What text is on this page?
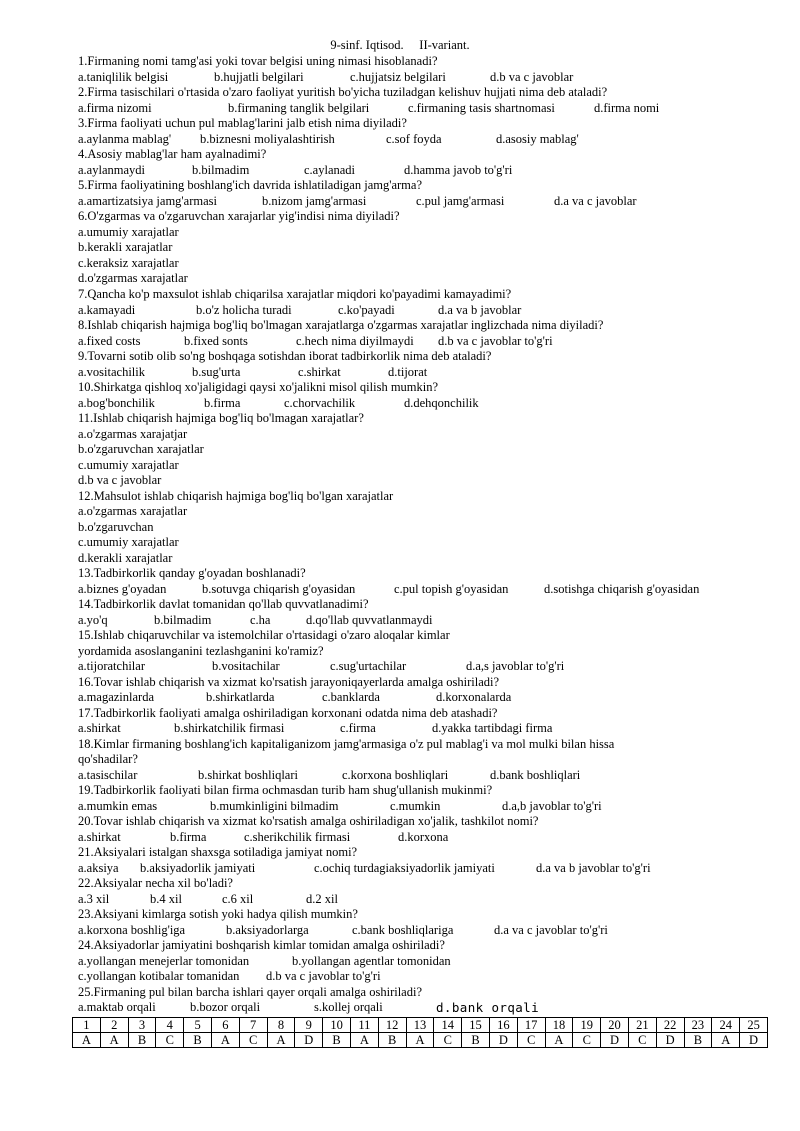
9-sinf. Iqtisod.     II-variant.
1.Firmaning nomi tamg'asi yoki tovar belgisi uning nimasi hisoblanadi?
a.taniqlilik belgisi	b.hujjatli belgilari	c.hujjatsiz belgilari	d.b va c javoblar
2.Firma tasischilari o'rtasida o'zaro faoliyat yuritish bo'yicha tuziladgan kelishuv hujjati nima deb ataladi?
a.firma nizomi	b.firmaning tanglik belgilari	c.firmaning tasis shartnomasi	d.firma nomi
3.Firma faoliyati uchun pul mablag'larini jalb etish nima diyiladi?
a.aylanma mablag' b.biznesni moliyalashtirish	c.sof foyda	d.asosiy mablag'
4.Asosiy mablag'lar ham ayalnadimi?
a.aylanmaydi	b.bilmadim	c.aylanadi	d.hamma javob to'g'ri
5.Firma faoliyatining boshlang'ich davrida ishlatiladigan jamg'arma?
a.amartizatsiya jamg'armasi	b.nizom jamg'armasi	c.pul jamg'armasi	d.a va c javoblar
6.O'zgarmas va o'zgaruvchan xarajarlar yig'indisi nima diyiladi?
a.umumiy xarajatlar
b.kerakli xarajatlar
c.keraksiz xarajatlar
d.o'zgarmas xarajatlar
7.Qancha ko'p maxsulot ishlab chiqarilsa xarajatlar miqdori ko'payadimi kamayadimi?
a.kamayadi	b.o'z holicha turadi	c.ko'payadi	d.a va b javoblar
8.Ishlab chiqarish hajmiga bog'liq bo'lmagan xarajatlarga o'zgarmas xarajatlar inglizchada nima diyiladi?
a.fixed costs	b.fixed sonts	c.hech nima diyilmaydi d.b va c javoblar to'g'ri
9.Tovarni sotib olib so'ng boshqaga sotishdan iborat tadbirkorlik nima deb ataladi?
a.vositachilik	b.sug'urta	c.shirkat	d.tijorat
10.Shirkatga qishloq xo'jaligidagi qaysi xo'jalikni misol qilish mumkin?
a.bog'bonchilik	b.firma	c.chorvachilik	d.dehqonchilik
11.Ishlab chiqarish hajmiga bog'liq bo'lmagan xarajatlar?
a.o'zgarmas xarajatjar
b.o'zgaruvchan xarajatlar
c.umumiy xarajatlar
d.b va c javoblar
12.Mahsulot ishlab chiqarish hajmiga bog'liq bo'lgan xarajatlar
a.o'zgarmas xarajatlar
b.o'zgaruvchan
c.umumiy xarajatlar
d.kerakli xarajatlar
13.Tadbirkorlik qanday g'oyadan boshlanadi?
a.biznes g'oyadan	b.sotuvga chiqarish g'oyasidan	c.pul topish g'oyasidan	d.sotishga chiqarish g'oyasidan
14.Tadbirkorlik davlat tomanidan qo'llab quvvatlanadimi?
a.yo'q	b.bilmadim	c.ha	d.qo'llab quvvatlanmaydi
15.Ishlab chiqaruvchilar va istemolchilar o'rtasidagi o'zaro aloqalar kimlar
yordamida asoslanganini tezlashganini ko'ramiz?
a.tijoratchilar	b.vositachilar	c.sug'urtachilar	d.a,s javoblar to'g'ri
16.Tovar ishlab chiqarish va xizmat ko'rsatish jarayoniqayerlarda amalga oshiriladi?
a.magazinlarda	b.shirkatlarda	c.banklarda	d.korxonalarda
17.Tadbirkorlik faoliyati amalga oshiriladigan korxonani odatda nima deb atashadi?
a.shirkat	b.shirkatchilik firmasi	c.firma	d.yakka tartibdagi firma
18.Kimlar firmaning boshlang'ich kapitaliganizom jamg'armasiga o'z pul mablag'i va mol mulki bilan hissa
qo'shadilar?
a.tasischilar	b.shirkat boshliqlari	c.korxona boshliqlari	d.bank boshliqlari
19.Tadbirkorlik faoliyati bilan firma ochmasdan turib ham shug'ullanish mukinmi?
a.mumkin emas	b.mumkinligini bilmadim	c.mumkin	d.a,b javoblar to'g'ri
20.Tovar ishlab chiqarish va xizmat ko'rsatish amalga oshiriladigan xo'jalik, tashkilot nomi?
a.shirkat	b.firma	c.sherikchilik firmasi	d.korxona
21.Aksiyalari istalgan shaxsga sotiladiga jamiyat nomi?
a.aksiya b.aksiyadorlik jamiyati	c.ochiq turdagiaksiyadorlik jamiyati	d.a va b javoblar to'g'ri
22.Aksiyalar necha xil bo'ladi?
a.3 xil	b.4 xil	c.6 xil	d.2 xil
23.Aksiyani kimlarga sotish yoki hadya qilish mumkin?
a.korxona boshlig'iga	b.aksiyadorlarga	c.bank boshliqlariga	d.a va c javoblar to'g'ri
24.Aksiyadorlar jamiyatini boshqarish kimlar tomidan amalga oshiriladi?
a.yollangan menejerlar tomonidan	b.yollangan agentlar tomonidan
c.yollangan kotibalar tomanidan d.b va c javoblar to'g'ri
25.Firmaning pul bilan barcha ishlari qayer orqali amalga oshiriladi?
a.maktab orqali	b.bozor orqali	s.kollej orqali	d.bank orqali
1	2	3	4	5	6	7	8	9	10	11	12	13	14	15	16	17	18	19	20	21	22	23	24	25
A	A	B	C	B	A	C	A	D	B	A	B	A	C	B	D	C	A	C	D	C	D	B	A	D
